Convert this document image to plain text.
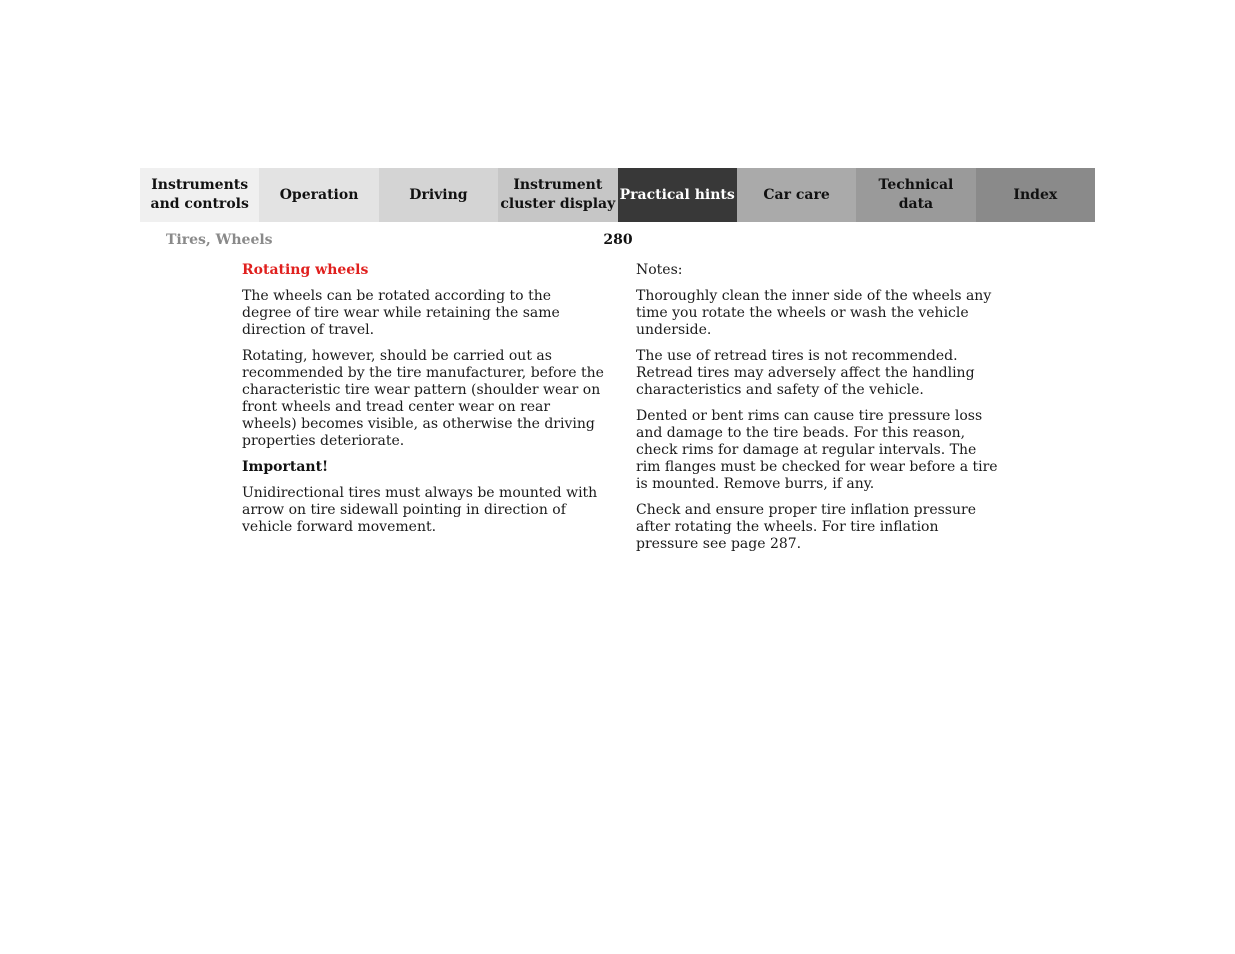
Instruments
and controls
Operation	Driving
Instrument
cluster display
Practical hints	Car care
Technical
data
Index
Tires, Wheels	280

Rotating wheels

The wheels can be rotated according to the degree of tire wear while retaining the same direction of travel.

Rotating, however, should be carried out as recommended by the tire manufacturer, before the characteristic tire wear pattern (shoulder wear on front wheels and tread center wear on rear wheels) becomes visible, as otherwise the driving properties deteriorate.

Important!

Unidirectional tires must always be mounted with arrow on tire sidewall pointing in direction of vehicle forward movement.

Notes:

Thoroughly clean the inner side of the wheels any time you rotate the wheels or wash the vehicle underside.

The use of retread tires is not recommended. Retread tires may adversely affect the handling characteristics and safety of the vehicle.

Dented or bent rims can cause tire pressure loss and damage to the tire beads. For this reason, check rims for damage at regular intervals. The rim flanges must be checked for wear before a tire is mounted. Remove burrs, if any.

Check and ensure proper tire inflation pressure after rotating the wheels. For tire inflation pressure see page 287.
